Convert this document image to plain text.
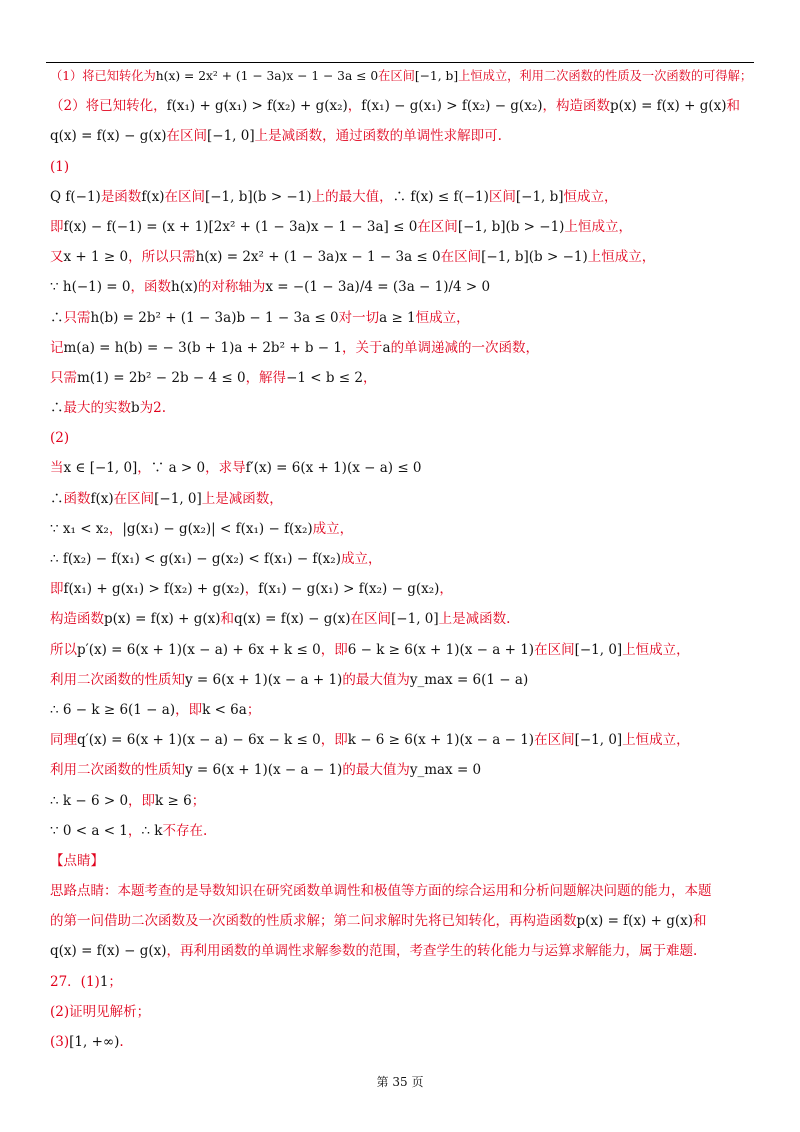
（1）将已知转化为h(x) = 2x² + (1 − 3a)x − 1 − 3a ≤ 0在区间[−1, b]上恒成立，利用二次函数的性质及一次函数的可得解；
（2）将已知转化，f(x₁) + g(x₁) > f(x₂) + g(x₂)，f(x₁) − g(x₁) > f(x₂) − g(x₂)，构造函数p(x) = f(x) + g(x)和
q(x) = f(x) − g(x)在区间[−1, 0]上是减函数，通过函数的单调性求解即可.
(1)
Q f(−1)是函数f(x)在区间[−1, b](b > −1)上的最大值，∴ f(x) ≤ f(−1)区间[−1, b]恒成立，
即f(x) − f(−1) = (x + 1)[2x² + (1 − 3a)x − 1 − 3a] ≤ 0在区间[−1, b](b > −1)上恒成立，
又x + 1 ≥ 0，所以只需h(x) = 2x² + (1 − 3a)x − 1 − 3a ≤ 0在区间[−1, b](b > −1)上恒成立，
∵ h(−1) = 0，函数h(x)的对称轴为x = −(1 − 3a)/4 = (3a − 1)/4 > 0
∴只需h(b) = 2b² + (1 − 3a)b − 1 − 3a ≤ 0对一切a ≥ 1恒成立，
记m(a) = h(b) = − 3(b + 1)a + 2b² + b − 1，关于a的单调递减的一次函数，
只需m(1) = 2b² − 2b − 4 ≤ 0，解得−1 < b ≤ 2，
∴最大的实数b为2.
(2)
当x ∈ [−1, 0]，∵ a > 0，求导f′(x) = 6(x + 1)(x − a) ≤ 0
∴函数f(x)在区间[−1, 0]上是减函数，
∵ x₁ < x₂，|g(x₁) − g(x₂)| < f(x₁) − f(x₂)成立，
∴ f(x₂) − f(x₁) < g(x₁) − g(x₂) < f(x₁) − f(x₂)成立，
即f(x₁) + g(x₁) > f(x₂) + g(x₂)，f(x₁) − g(x₁) > f(x₂) − g(x₂)，
构造函数p(x) = f(x) + g(x)和q(x) = f(x) − g(x)在区间[−1, 0]上是减函数.
所以p′(x) = 6(x + 1)(x − a) + 6x + k ≤ 0，即6 − k ≥ 6(x + 1)(x − a + 1)在区间[−1, 0]上恒成立，
利用二次函数的性质知y = 6(x + 1)(x − a + 1)的最大值为y_max = 6(1 − a)
∴ 6 − k ≥ 6(1 − a)，即k < 6a；
同理q′(x) = 6(x + 1)(x − a) − 6x − k ≤ 0，即k − 6 ≥ 6(x + 1)(x − a − 1)在区间[−1, 0]上恒成立，
利用二次函数的性质知y = 6(x + 1)(x − a − 1)的最大值为y_max = 0
∴ k − 6 > 0，即k ≥ 6；
∵ 0 < a < 1，∴ k不存在.
【点睛】
思路点睛：本题考查的是导数知识在研究函数单调性和极值等方面的综合运用和分析问题解决问题的能力，本题
的第一问借助二次函数及一次函数的性质求解；第二问求解时先将已知转化，再构造函数p(x) = f(x) + g(x)和
q(x) = f(x) − g(x)，再利用函数的单调性求解参数的范围，考查学生的转化能力与运算求解能力，属于难题.
27．(1)1；
(2)证明见解析；
(3)[1, +∞).
第 35 页
